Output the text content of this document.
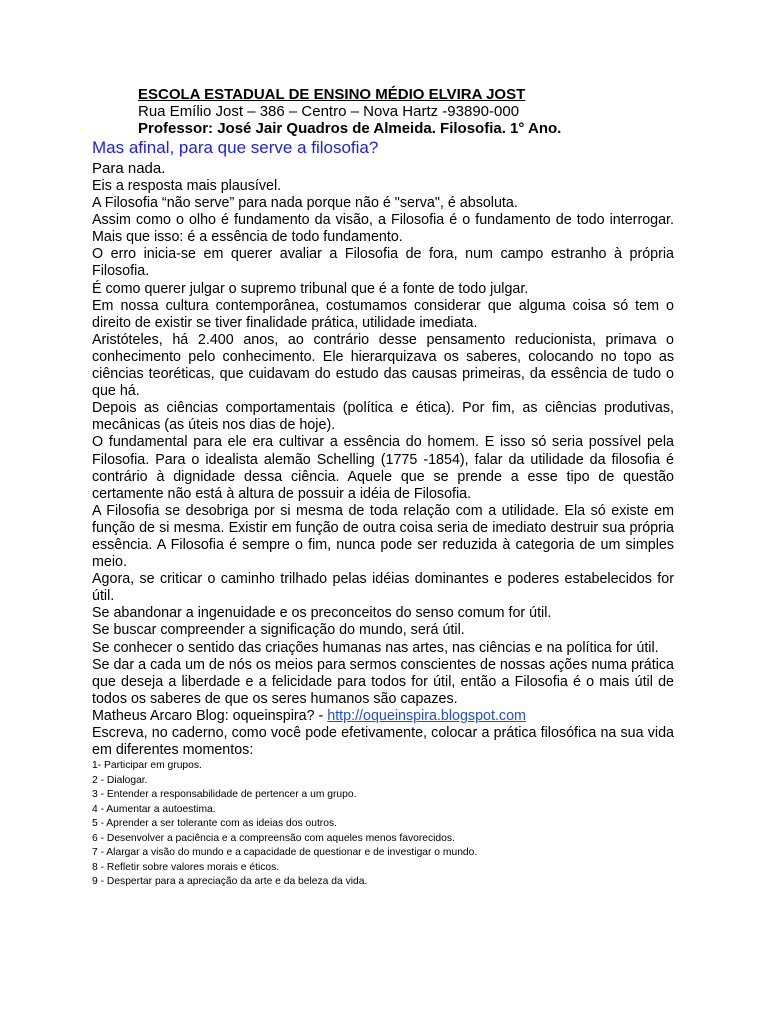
ESCOLA ESTADUAL DE ENSINO MÉDIO ELVIRA JOST
Rua Emílio Jost – 386 – Centro – Nova Hartz -93890-000
Professor: José Jair Quadros de Almeida. Filosofia. 1° Ano.
Mas afinal, para que serve a filosofia?

Para nada.

Eis a resposta mais plausível.

A Filosofia “não serve” para nada porque não é "serva", é absoluta.

Assim como o olho é fundamento da visão, a Filosofia é o fundamento de todo interrogar. Mais que isso: é a essência de todo fundamento.

O erro inicia-se em querer avaliar a Filosofia de fora, num campo estranho à própria Filosofia.

É como querer julgar o supremo tribunal que é a fonte de todo julgar.

Em nossa cultura contemporânea, costumamos considerar que alguma coisa só tem o direito de existir se tiver finalidade prática, utilidade imediata.

Aristóteles, há 2.400 anos, ao contrário desse pensamento reducionista, primava o conhecimento pelo conhecimento. Ele hierarquizava os saberes, colocando no topo as ciências teoréticas, que cuidavam do estudo das causas primeiras, da essência de tudo o que há.

Depois as ciências comportamentais (política e ética). Por fim, as ciências produtivas, mecânicas (as úteis nos dias de hoje).

O fundamental para ele era cultivar a essência do homem. E isso só seria possível pela Filosofia. Para o idealista alemão Schelling (1775 -1854), falar da utilidade da filosofia é contrário à dignidade dessa ciência. Aquele que se prende a esse tipo de questão certamente não está à altura de possuir a idéia de Filosofia.

A Filosofia se desobriga por si mesma de toda relação com a utilidade. Ela só existe em função de si mesma. Existir em função de outra coisa seria de imediato destruir sua própria essência. A Filosofia é sempre o fim, nunca pode ser reduzida à categoria de um simples meio.

Agora, se criticar o caminho trilhado pelas idéias dominantes e poderes estabelecidos for útil.

Se abandonar a ingenuidade e os preconceitos do senso comum for útil.

Se buscar compreender a significação do mundo, será útil.

Se conhecer o sentido das criações humanas nas artes, nas ciências e na política for útil.

Se dar a cada um de nós os meios para sermos conscientes de nossas ações numa prática que deseja a liberdade e a felicidade para todos for útil, então a Filosofia é o mais útil de todos os saberes de que os seres humanos são capazes.

Matheus Arcaro Blog: oqueinspira? - http://oqueinspira.blogspot.com

Escreva, no caderno, como você pode efetivamente, colocar a prática filosófica na sua vida em diferentes momentos:

1- Participar em grupos.
2 - Dialogar.
3 - Entender a responsabilidade de pertencer a um grupo.
4 - Aumentar a autoestima.
5 - Aprender a ser tolerante com as ideias dos outros.
6 - Desenvolver a paciência e a compreensão com aqueles menos favorecidos.
7 - Alargar a visão do mundo e a capacidade de questionar e de investigar o mundo.
8 - Refletir sobre valores morais e éticos.
9 - Despertar para a apreciação da arte e da beleza da vida.
